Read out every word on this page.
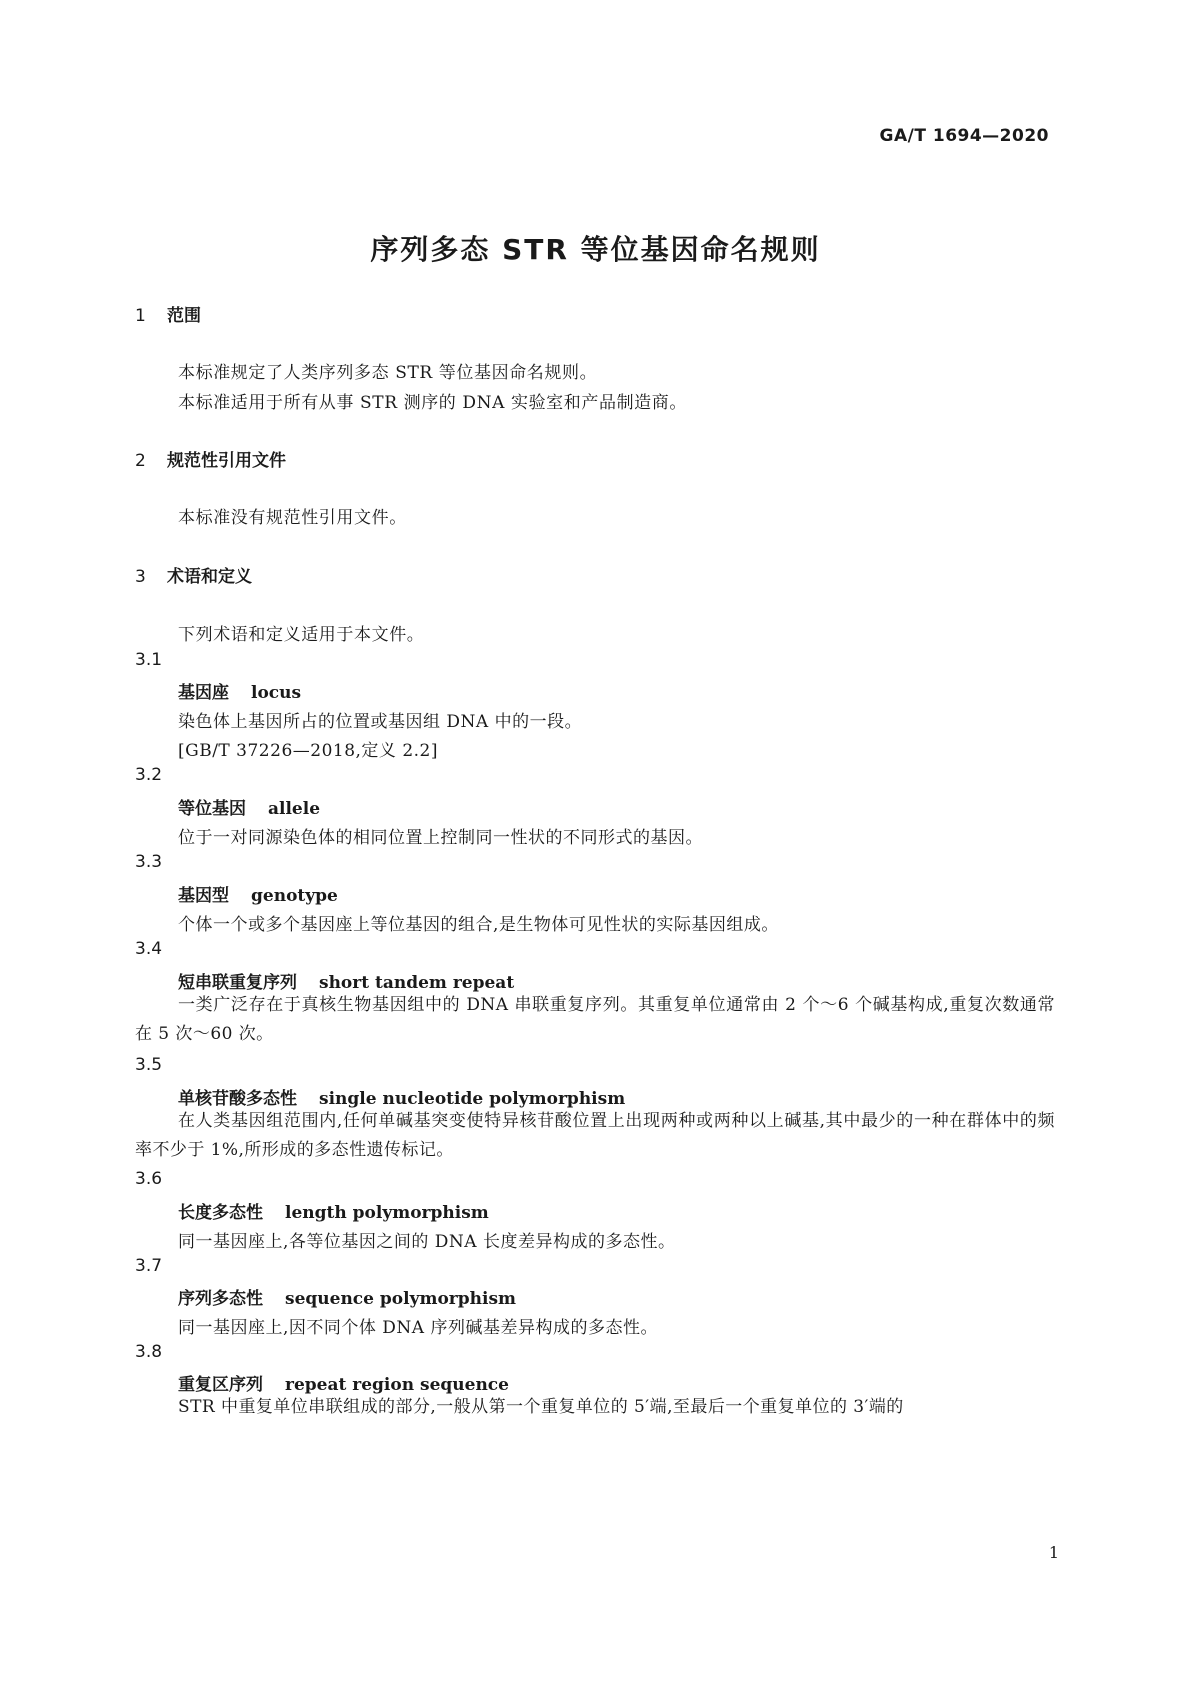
GA/T 1694—2020
序列多态 STR 等位基因命名规则
1 范围
本标准规定了人类序列多态 STR 等位基因命名规则。
本标准适用于所有从事 STR 测序的 DNA 实验室和产品制造商。
2 规范性引用文件
本标准没有规范性引用文件。
3 术语和定义
下列术语和定义适用于本文件。
3.1
基因座 locus
染色体上基因所占的位置或基因组 DNA 中的一段。
[GB/T 37226—2018,定义 2.2]
3.2
等位基因 allele
位于一对同源染色体的相同位置上控制同一性状的不同形式的基因。
3.3
基因型 genotype
个体一个或多个基因座上等位基因的组合,是生物体可见性状的实际基因组成。
3.4
短串联重复序列 short tandem repeat
一类广泛存在于真核生物基因组中的 DNA 串联重复序列。其重复单位通常由 2 个～6 个碱基构成,重复次数通常在 5 次～60 次。
3.5
单核苷酸多态性 single nucleotide polymorphism
在人类基因组范围内,任何单碱基突变使特异核苷酸位置上出现两种或两种以上碱基,其中最少的一种在群体中的频率不少于 1%,所形成的多态性遗传标记。
3.6
长度多态性 length polymorphism
同一基因座上,各等位基因之间的 DNA 长度差异构成的多态性。
3.7
序列多态性 sequence polymorphism
同一基因座上,因不同个体 DNA 序列碱基差异构成的多态性。
3.8
重复区序列 repeat region sequence
STR 中重复单位串联组成的部分,一般从第一个重复单位的 5′端,至最后一个重复单位的 3′端的
1
